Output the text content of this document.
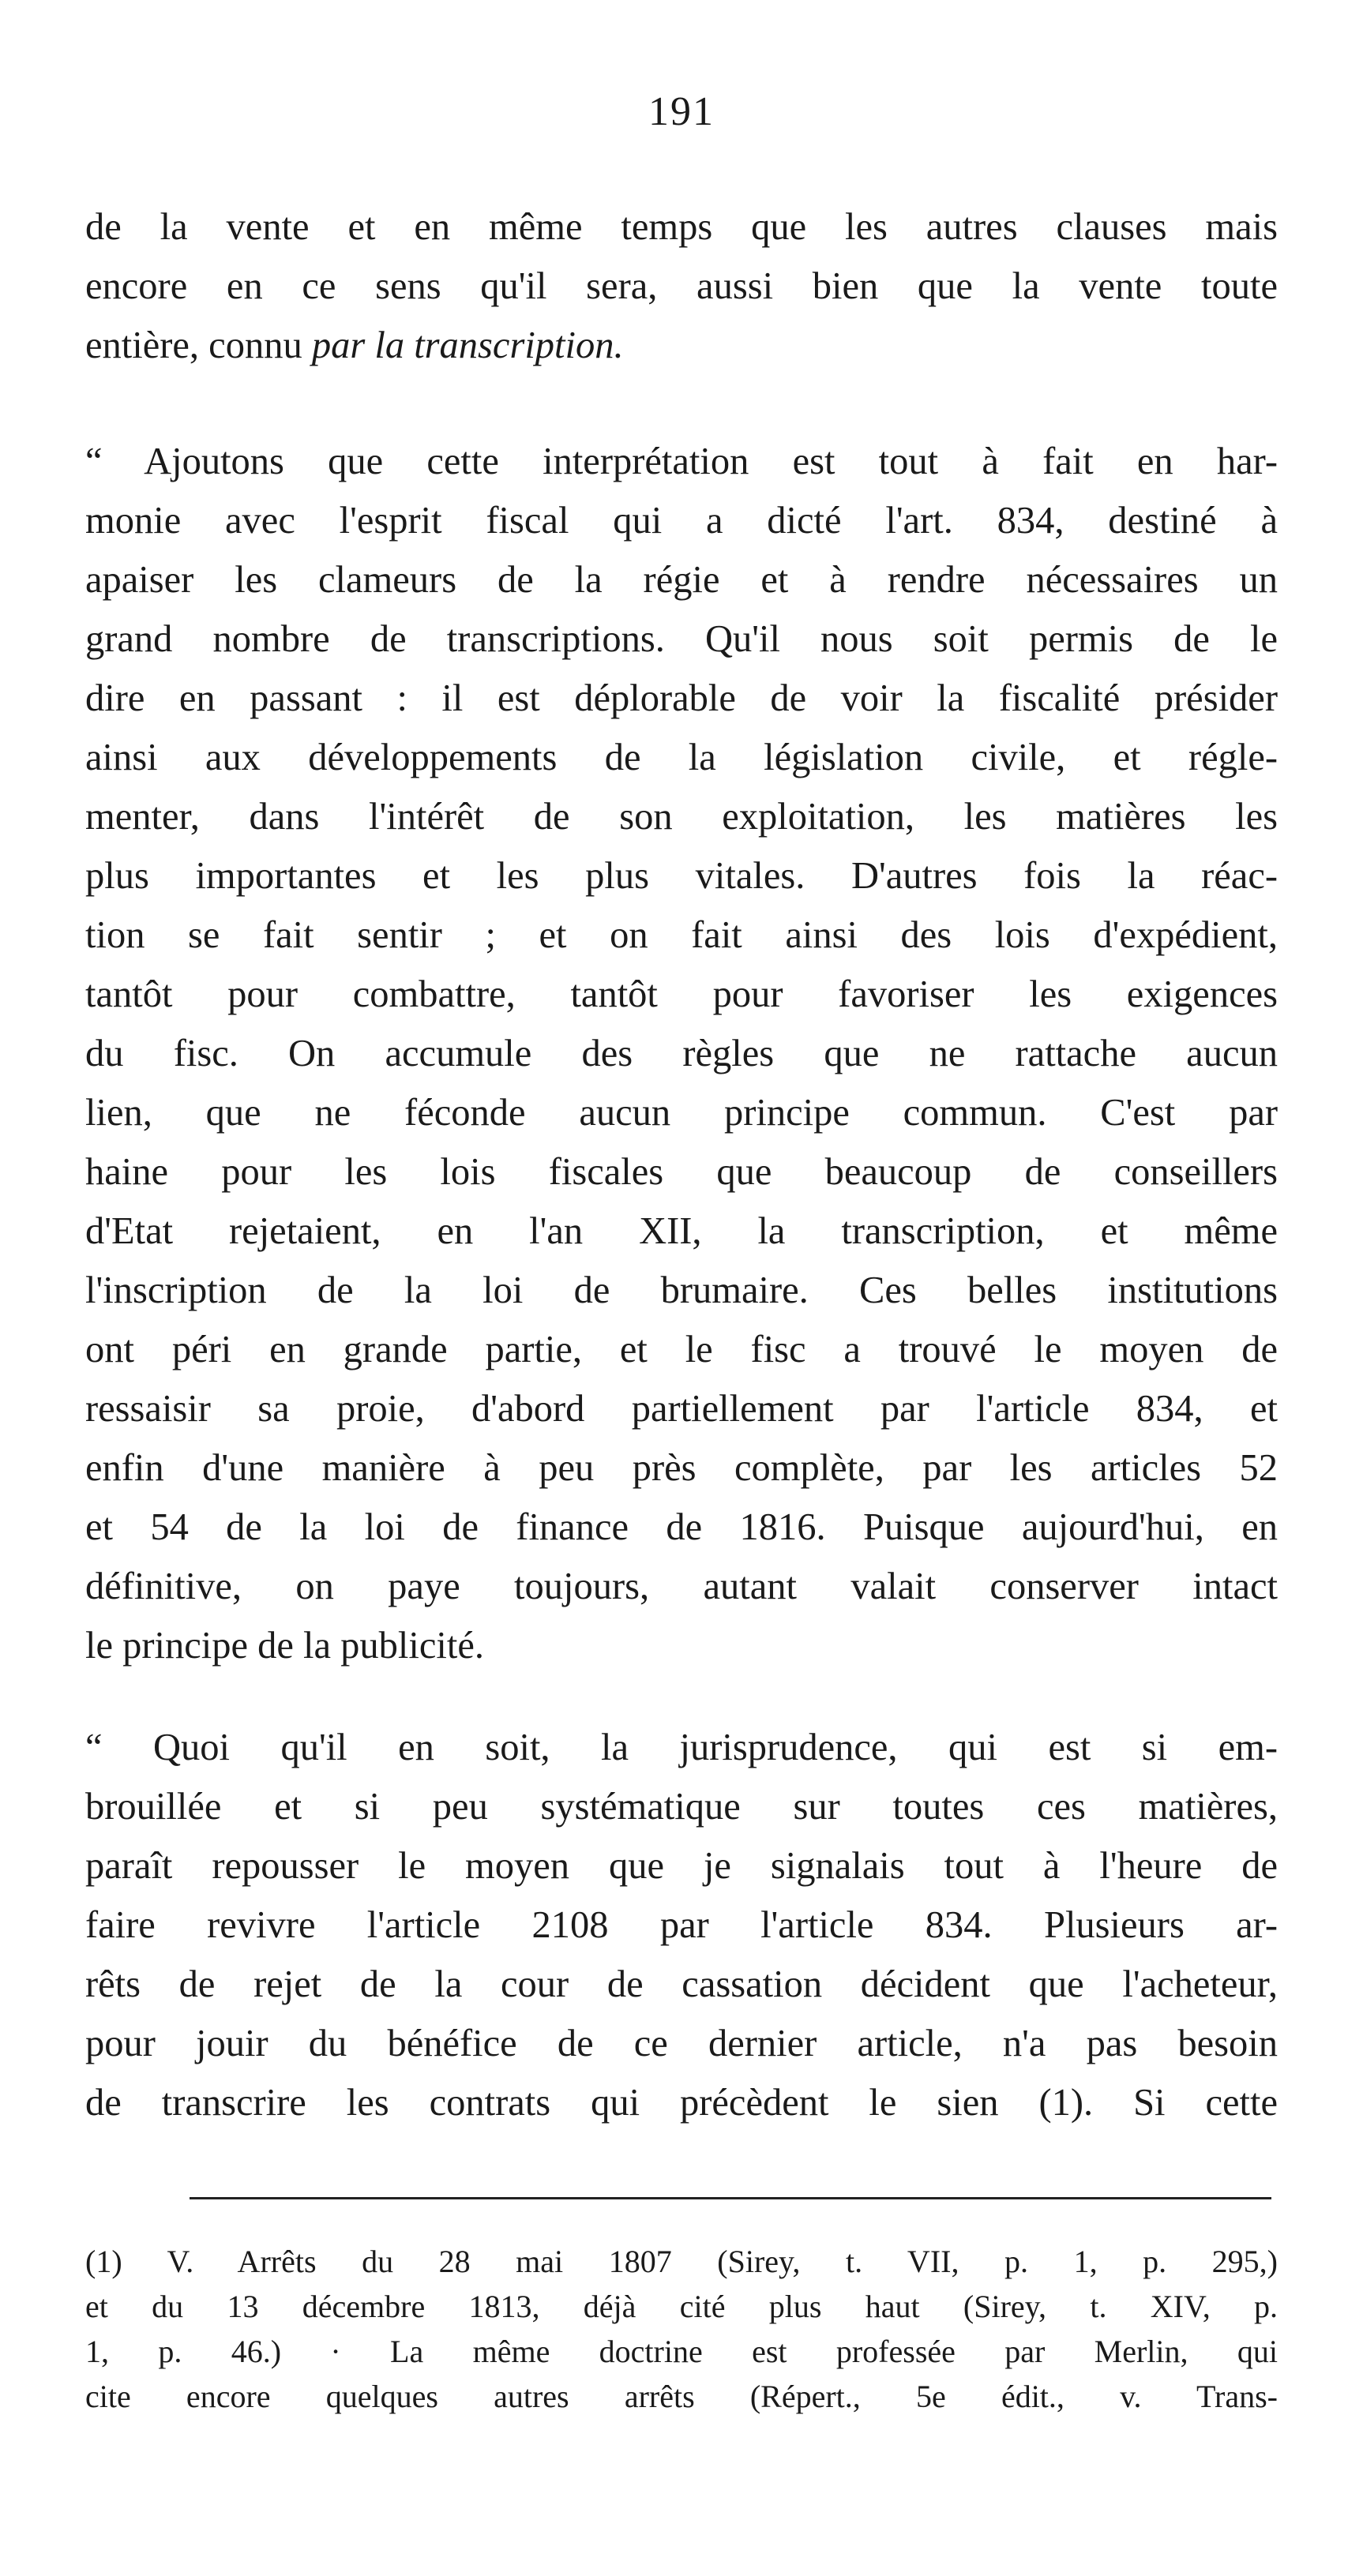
191
de la vente et en même temps que les autres clauses mais
encore en ce sens qu'il sera, aussi bien que la vente toute
entière, connu par la transcription.
“ Ajoutons que cette interprétation est tout à fait en har-
monie avec l'esprit fiscal qui a dicté l'art. 834, destiné à
apaiser les clameurs de la régie et à rendre nécessaires un
grand nombre de transcriptions. Qu'il nous soit permis de le
dire en passant : il est déplorable de voir la fiscalité présider
ainsi aux développements de la législation civile, et régle-
menter, dans l'intérêt de son exploitation, les matières les
plus importantes et les plus vitales. D'autres fois la réac-
tion se fait sentir ; et on fait ainsi des lois d'expédient,
tantôt pour combattre, tantôt pour favoriser les exigences
du fisc. On accumule des règles que ne rattache aucun
lien, que ne féconde aucun principe commun. C'est par
haine pour les lois fiscales que beaucoup de conseillers
d'Etat rejetaient, en l'an XII, la transcription, et même
l'inscription de la loi de brumaire. Ces belles institutions
ont péri en grande partie, et le fisc a trouvé le moyen de
ressaisir sa proie, d'abord partiellement par l'article 834, et
enfin d'une manière à peu près complète, par les articles 52
et 54 de la loi de finance de 1816. Puisque aujourd'hui, en
définitive, on paye toujours, autant valait conserver intact
le principe de la publicité.
“ Quoi qu'il en soit, la jurisprudence, qui est si em-
brouillée et si peu systématique sur toutes ces matières,
paraît repousser le moyen que je signalais tout à l'heure de
faire revivre l'article 2108 par l'article 834. Plusieurs ar-
rêts de rejet de la cour de cassation décident que l'acheteur,
pour jouir du bénéfice de ce dernier article, n'a pas besoin
de transcrire les contrats qui précèdent le sien (1). Si cette
(1) V. Arrêts du 28 mai 1807 (Sirey, t. VII, p. 1, p. 295,)
et du 13 décembre 1813, déjà cité plus haut (Sirey, t. XIV, p.
1, p. 46.) · La même doctrine est professée par Merlin, qui
cite encore quelques autres arrêts (Répert., 5e édit., v. Trans-
